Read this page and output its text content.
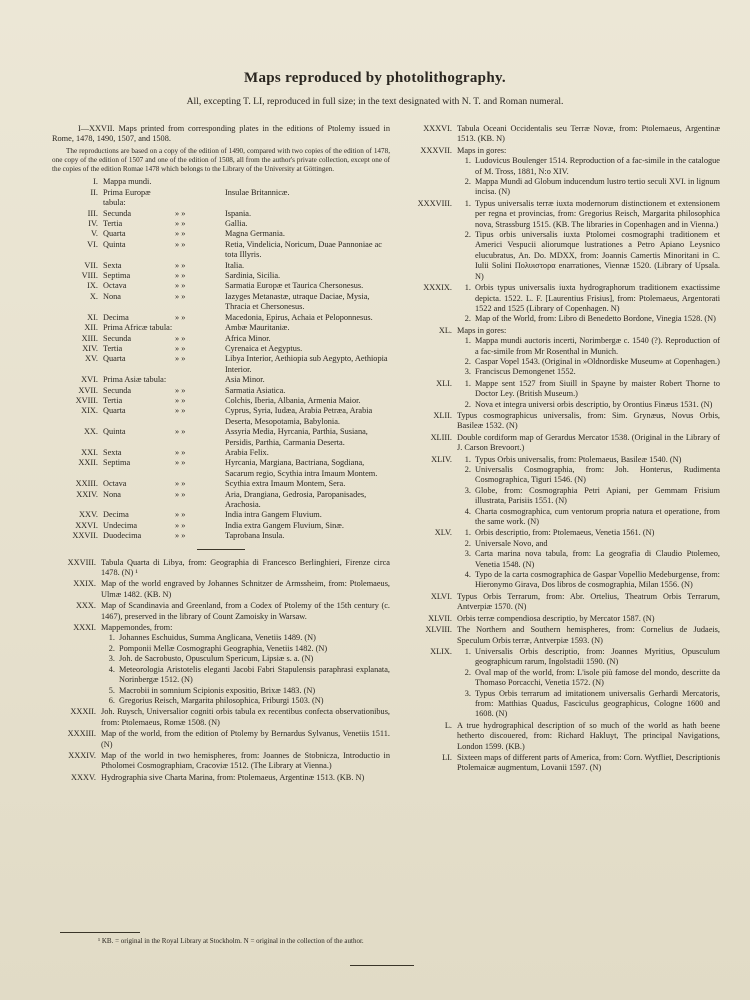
Maps reproduced by photolithography.
All, excepting T. LI, reproduced in full size; in the text designated with N. T. and Roman numeral.

I—XXVII. Maps printed from corresponding plates in the editions of Ptolemy issued in Rome, 1478, 1490, 1507, and 1508.

The reproductions are based on a copy of the edition of 1490, compared with two copies of the edition of 1478, one copy of the edition of 1507 and one of the edition of 1508, all from the author's private collection, except one of the copies of the edition Romae 1478 which belongs to the Library of the University at Göttingen.

I. Mappa mundi.
II. Prima Europæ tabula:
Insulae Britannicæ.
III. Secunda	» »	Ispania.
IV. Tertia	» »	Gallia.
V. Quarta	» »	Magna Germania.
VI. Quinta	» »	Retia, Vindelicia, Noricum, Duae Pannoniae ac tota Illyris.
VII. Sexta	» »	Italia.
VIII. Septima	» »	Sardinia, Sicilia.
IX. Octava	» »	Sarmatia Europæ et Taurica Chersonesus.
X. Nona	» »	Iazyges Metanastæ, utraque Daciae, Mysia, Thracia et Chersonesus.
XI. Decima	» »	Macedonia, Epirus, Achaia et Peloponnesus.
XII. Prima Africæ tabula:	Ambæ Mauritaniæ.
XIII. Secunda	» »	Africa Minor.
XIV. Tertia	» »	Cyrenaica et Aegyptus.
XV. Quarta	» »	Libya Interior, Aethiopia sub Aegypto, Aethiopia Interior.
XVI. Prima Asiæ tabula:	Asia Minor.
XVII. Secunda	» »	Sarmatia Asiatica.
XVIII. Tertia	» »	Colchis, Iberia, Albania, Armenia Maior.
XIX. Quarta	» »	Cyprus, Syria, Iudæa, Arabia Petræa, Arabia Deserta, Mesopotamia, Babylonia.
XX. Quinta	» »	Assyria Media, Hyrcania, Parthia, Susiana, Persidis, Parthia, Carmania Deserta.
XXI. Sexta	» »	Arabia Felix.
XXII. Septima	» »	Hyrcania, Margiana, Bactriana, Sogdiana, Sacarum regio, Scythia intra Imaum Montem.
XXIII. Octava	» »	Scythia extra Imaum Montem, Sera.
XXIV. Nona	» »	Aria, Drangiana, Gedrosia, Paropanisades, Arachosia.
XXV. Decima	» »	India intra Gangem Fluvium.
XXVI. Undecima	» »	India extra Gangem Fluvium, Sinæ.
XXVII. Duodecima	» »	Taprobana Insula.
XXVIII. Tabula Quarta di Libya, from: Geographia di Francesco Berlinghieri, Firenze circa 1478. (N) ¹
XXIX. Map of the world engraved by Johannes Schnitzer de Armssheim, from: Ptolemaeus, Ulmæ 1482. (KB. N)
XXX. Map of Scandinavia and Greenland, from a Codex of Ptolemy of the 15th century (c. 1467), preserved in the library of Count Zamoisky in Warsaw.
XXXI. Mappemondes, from:
1. Johannes Eschuidus, Summa Anglicana, Venetiis 1489. (N)
2. Pomponii Mellæ Cosmographi Geographia, Venetiis 1482. (N)
3. Joh. de Sacrobusto, Opusculum Spericum, Lipsiæ s. a. (N)
4. Meteorologia Aristotelis eleganti Jacobi Fabri Stapulensis paraphrasi explanata, Norinbergæ 1512. (N)
5. Macrobii in somnium Scipionis expositio, Brixæ 1483. (N)
6. Gregorius Reisch, Margarita philosophica, Friburgi 1503. (N)
XXXII. Joh. Ruysch, Universalior cogniti orbis tabula ex recentibus confecta observationibus, from: Ptolemaeus, Romæ 1508. (N)
XXXIII. Map of the world, from the edition of Ptolemy by Bernardus Sylvanus, Venetiis 1511. (N)
XXXIV. Map of the world in two hemispheres, from: Joannes de Stobnicza, Introductio in Ptholomei Cosmographiam, Cracoviæ 1512. (The Library at Vienna.)
XXXV. Hydrographia sive Charta Marina, from: Ptolemaeus, Argentinæ 1513. (KB. N)
XXXVI. Tabula Oceani Occidentalis seu Terræ Novæ, from: Ptolemaeus, Argentinæ 1513. (KB. N)
XXXVII. Maps in gores:
1. Ludovicus Boulenger 1514. Reproduction of a fac-simile in the catalogue of M. Tross, 1881, N:o XIV.
2. Mappa Mundi ad Globum inducendum lustro tertio seculi XVI. in lignum incisa. (N)
XXXVIII.	1. Typus universalis terræ iuxta modernorum distinctionem et extensionem per regna et provincias, from: Gregorius Reisch, Margarita philosophica nova, Strassburg 1515. (KB. The libraries in Copenhagen and in Vienna.)
2. Tipus orbis universalis iuxta Ptolomei cosmographi traditionem et Americi Vespucii aliorumque lustrationes a Petro Apiano Leysnico elucubratus, An. Do. MDXX, from: Joannis Camertis Minoritani in C. Iulii Solini Πολυιστορα enarrationes, Viennæ 1520. (Library of Upsala. N)
XXXIX.	1. Orbis typus universalis iuxta hydrographorum traditionem exactissime depicta. 1522. L. F. [Laurentius Frisius], from: Ptolemaeus, Argentorati 1522 and 1525 (Library of Copenhagen. N)
2. Map of the World, from: Libro di Benedetto Bordone, Vinegia 1528. (N)
XL. Maps in gores:
1. Mappa mundi auctoris incerti, Norimbergæ c. 1540 (?). Reproduction of a fac-simile from Mr Rosenthal in Munich.
2. Caspar Vopel 1543. (Original in »Oldnordiske Museum» at Copenhagen.)
3. Franciscus Demongenet 1552.
XLI.	1. Mappe sent 1527 from Siuill in Spayne by maister Robert Thorne to Doctor Ley. (British Museum.)
2. Nova et integra universi orbis descriptio, by Orontius Finæus 1531. (N)
XLII. Typus cosmographicus universalis, from: Sim. Grynæus, Novus Orbis, Basileæ 1532. (N)
XLIII. Double cordiform map of Gerardus Mercator 1538. (Original in the Library of J. Carson Brevoort.)
XLIV.	1. Typus Orbis universalis, from: Ptolemaeus, Basileæ 1540. (N)
2. Universalis Cosmographia, from: Joh. Honterus, Rudimenta Cosmographica, Tiguri 1546. (N)
3. Globe, from: Cosmographia Petri Apiani, per Gemmam Frisium illustrata, Parisiis 1551. (N)
4. Charta cosmographica, cum ventorum propria natura et operatione, from the same work. (N)
XLV.	1. Orbis descriptio, from: Ptolemaeus, Venetia 1561. (N)
2. Universale Novo, and
3. Carta marina nova tabula, from: La geografia di Claudio Ptolemeo, Venetia 1548. (N)
4. Typo de la carta cosmographica de Gaspar Vopellio Medeburgense, from: Hieronymo Girava, Dos libros de cosmographia, Milan 1556. (N)
XLVI. Typus Orbis Terrarum, from: Abr. Ortelius, Theatrum Orbis Terrarum, Antverpiæ 1570. (N)
XLVII. Orbis terræ compendiosa descriptio, by Mercator 1587. (N)
XLVIII. The Northern and Southern hemispheres, from: Cornelius de Judaeis, Speculum Orbis terræ, Antverpiæ 1593. (N)
XLIX.	1. Universalis Orbis descriptio, from: Joannes Myritius, Opusculum geographicum rarum, Ingolstadii 1590. (N)
2. Oval map of the world, from: L'isole più famose del mondo, descritte da Thomaso Porcacchi, Venetia 1572. (N)
3. Typus Orbis terrarum ad imitationem universalis Gerhardi Mercatoris, from: Matthias Quadus, Fasciculus geographicus, Cologne 1600 and 1608. (N)
L. A true hydrographical description of so much of the world as hath beene hetherto discouered, from: Richard Hakluyt, The principal Navigations, London 1599. (KB.)
LI. Sixteen maps of different parts of America, from: Corn. Wytfliet, Descriptionis Ptolemaicæ augmentum, Lovanii 1597. (N)
¹ KB. = original in the Royal Library at Stockholm. N = original in the collection of the author.
